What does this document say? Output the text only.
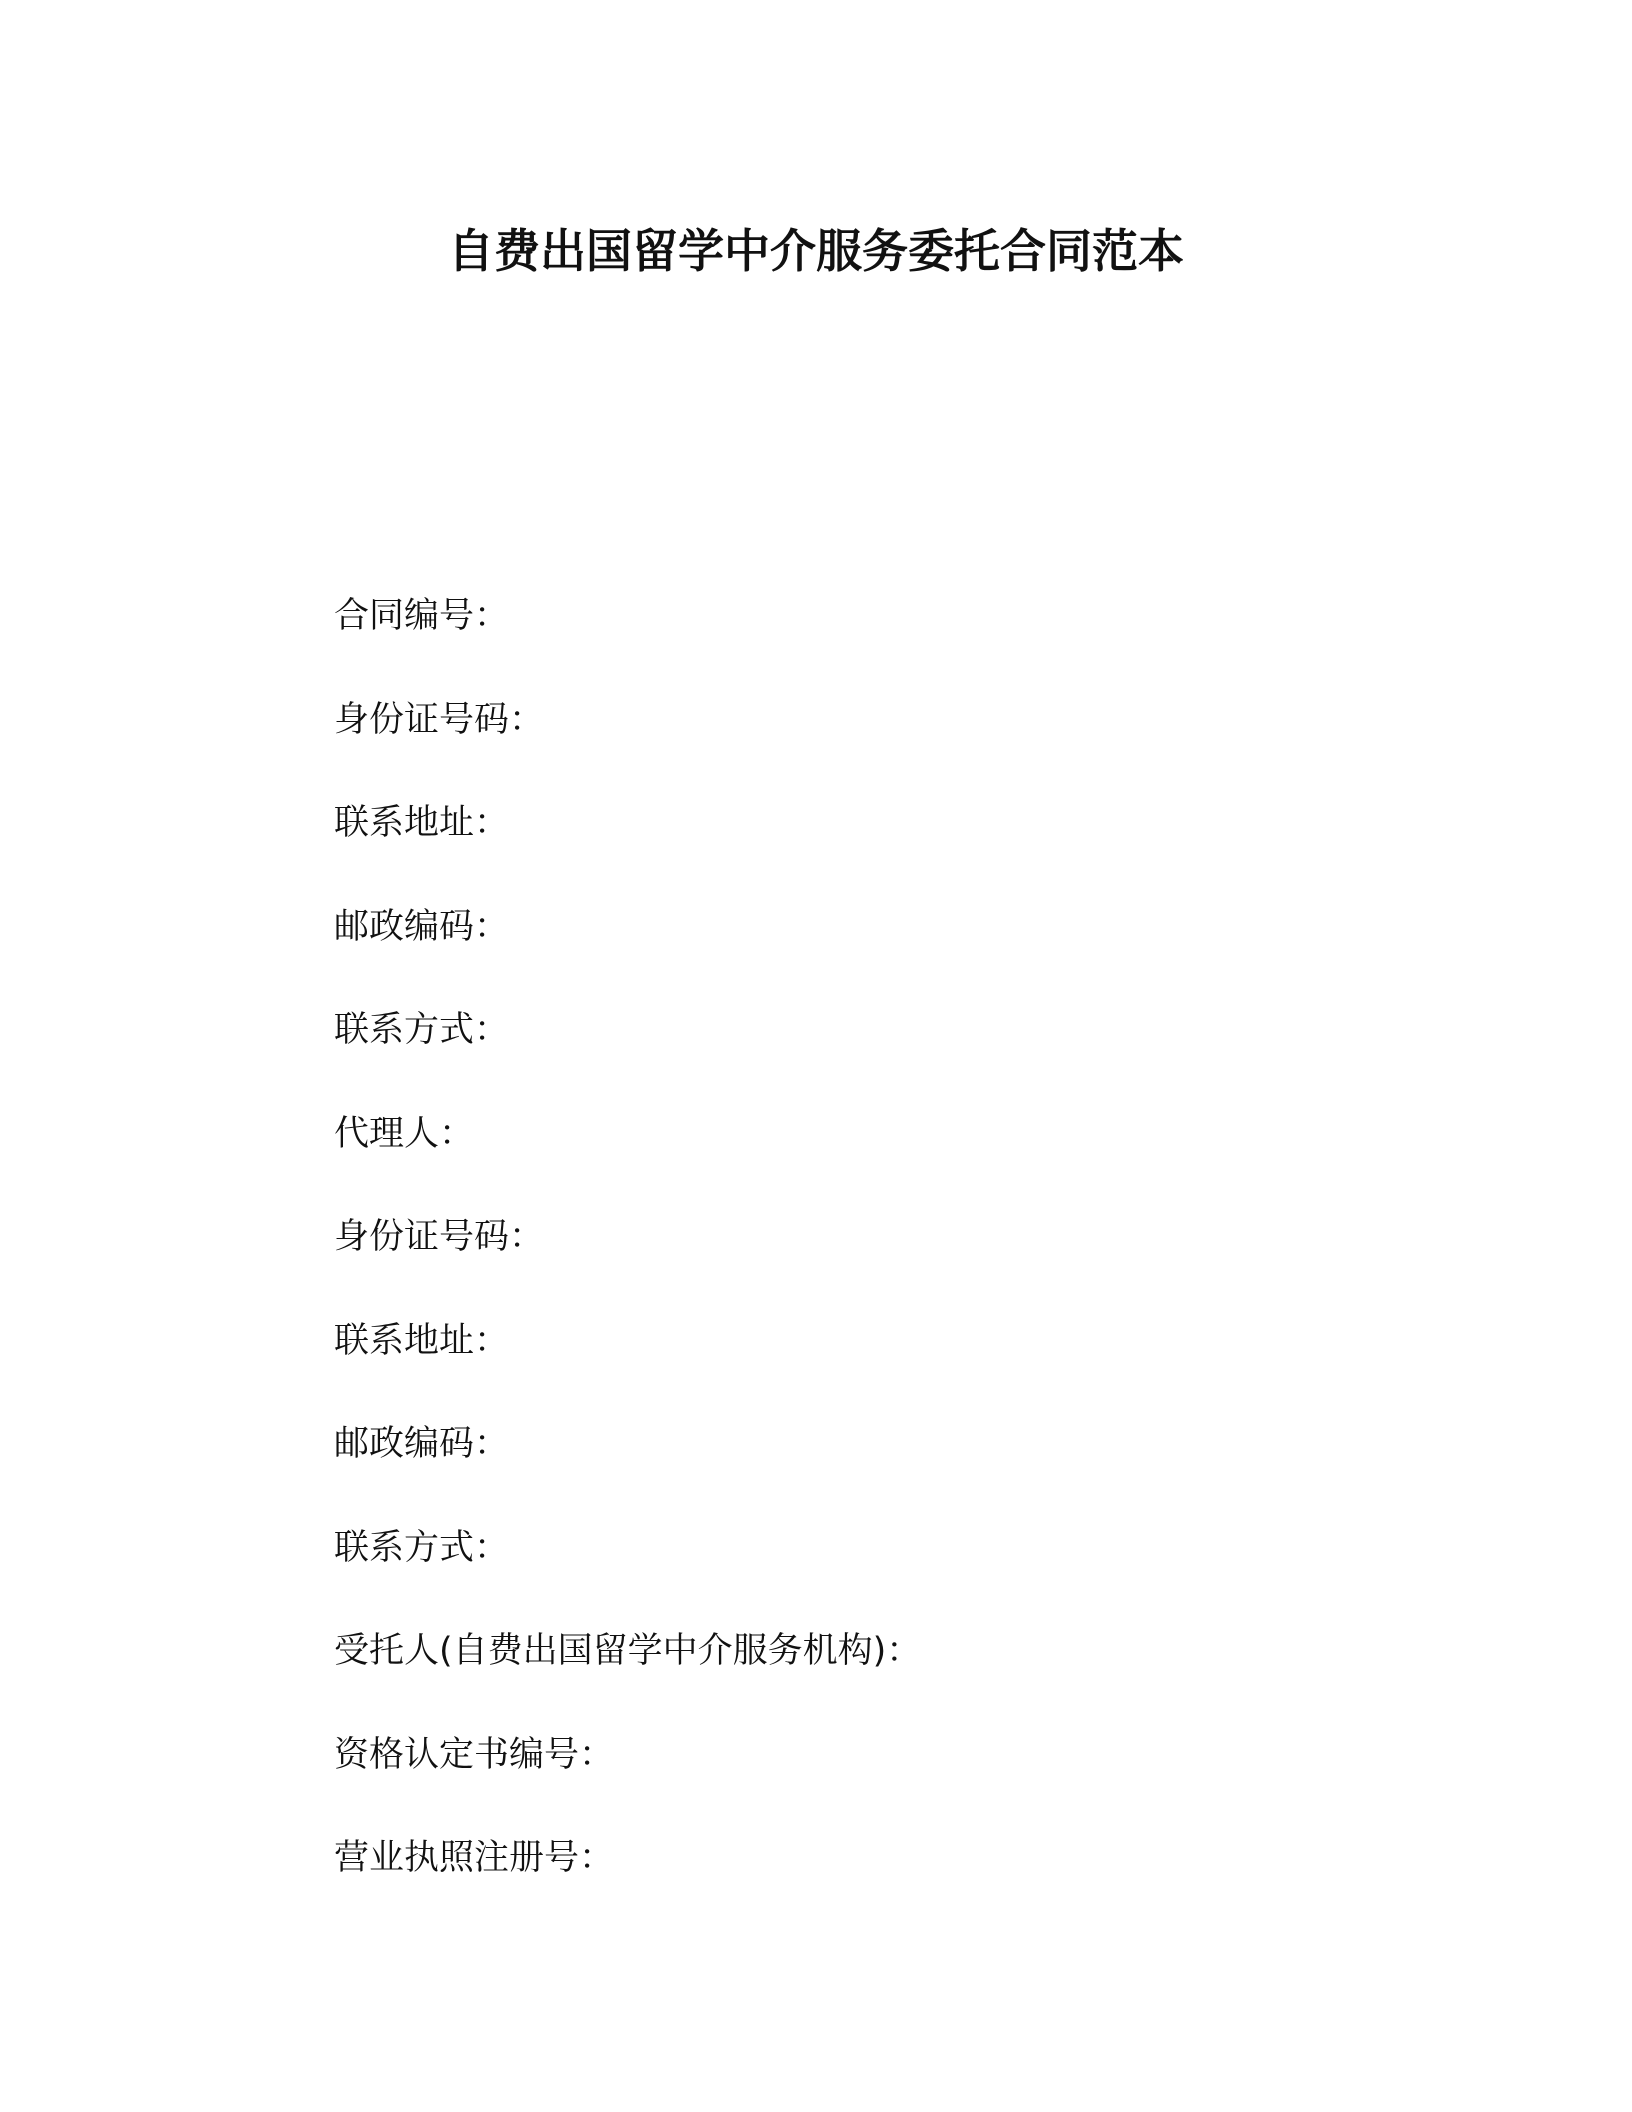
自费出国留学中介服务委托合同范本
合同编号：
身份证号码：
联系地址：
邮政编码：
联系方式：
代理人：
身份证号码：
联系地址：
邮政编码：
联系方式：
受托人(自费出国留学中介服务机构)：
资格认定书编号：
营业执照注册号：
